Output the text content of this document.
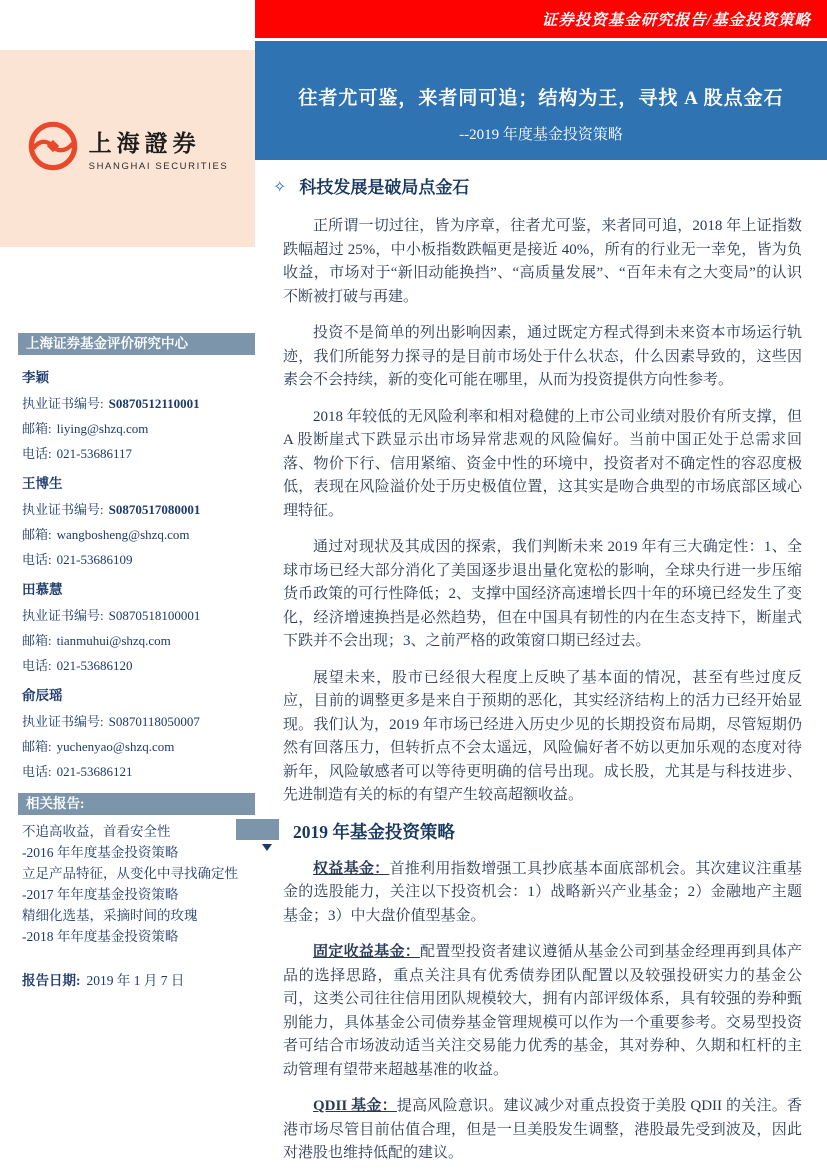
证券投资基金研究报告/基金投资策略
往者尤可鉴，来者同可追；结构为王，寻找 A 股点金石
--2019 年度基金投资策略
上海證券
SHANGHAI SECURITIES
上海证券基金评价研究中心
李颖
执业证书编号: S0870512110001
邮箱: liying@shzq.com
电话: 021-53686117
王博生
执业证书编号: S0870517080001
邮箱: wangbosheng@shzq.com
电话: 021-53686109
田慕慧
执业证书编号: S0870518100001
邮箱: tianmuhui@shzq.com
电话: 021-53686120
俞辰瑶
执业证书编号: S0870118050007
邮箱: yuchenyao@shzq.com
电话: 021-53686121
相关报告:
不追高收益，首看安全性
-2016 年年度基金投资策略
立足产品特征，从变化中寻找确定性
-2017 年年度基金投资策略
精细化选基，采摘时间的玫瑰
-2018 年年度基金投资策略
报告日期: 2019 年 1 月 7 日
✧ 科技发展是破局点金石

正所谓一切过往，皆为序章，往者尤可鉴，来者同可追，2018 年上证指数跌幅超过 25%，中小板指数跌幅更是接近 40%，所有的行业无一幸免，皆为负收益，市场对于“新旧动能换挡”、“高质量发展”、“百年未有之大变局”的认识不断被打破与再建。

投资不是简单的列出影响因素，通过既定方程式得到未来资本市场运行轨迹，我们所能努力探寻的是目前市场处于什么状态，什么因素导致的，这些因素会不会持续，新的变化可能在哪里，从而为投资提供方向性参考。

2018 年较低的无风险利率和相对稳健的上市公司业绩对股价有所支撑，但 A 股断崖式下跌显示出市场异常悲观的风险偏好。当前中国正处于总需求回落、物价下行、信用紧缩、资金中性的环境中，投资者对不确定性的容忍度极低，表现在风险溢价处于历史极值位置，这其实是吻合典型的市场底部区域心理特征。

通过对现状及其成因的探索，我们判断未来 2019 年有三大确定性：1、全球市场已经大部分消化了美国逐步退出量化宽松的影响，全球央行进一步压缩货币政策的可行性降低；2、支撑中国经济高速增长四十年的环境已经发生了变化，经济增速换挡是必然趋势，但在中国具有韧性的内在生态支持下，断崖式下跌并不会出现；3、之前严格的政策窗口期已经过去。

展望未来，股市已经很大程度上反映了基本面的情况，甚至有些过度反应，目前的调整更多是来自于预期的恶化，其实经济结构上的活力已经开始显现。我们认为，2019 年市场已经进入历史少见的长期投资布局期，尽管短期仍然有回落压力，但转折点不会太遥远，风险偏好者不妨以更加乐观的态度对待新年，风险敏感者可以等待更明确的信号出现。成长股，尤其是与科技进步、先进制造有关的标的有望产生较高超额收益。

2019 年基金投资策略

权益基金：首推利用指数增强工具抄底基本面底部机会。其次建议注重基金的选股能力，关注以下投资机会：1）战略新兴产业基金；2）金融地产主题基金；3）中大盘价值型基金。

固定收益基金：配置型投资者建议遵循从基金公司到基金经理再到具体产品的选择思路，重点关注具有优秀债券团队配置以及较强投研实力的基金公司，这类公司往往信用团队规模较大，拥有内部评级体系，具有较强的券种甄别能力，具体基金公司债券基金管理规模可以作为一个重要参考。交易型投资者可结合市场波动适当关注交易能力优秀的基金，其对券种、久期和杠杆的主动管理有望带来超越基准的收益。

QDII 基金：提高风险意识。建议减少对重点投资于美股 QDII 的关注。香港市场尽管目前估值合理，但是一旦美股发生调整，港股最先受到波及，因此对港股也维持低配的建议。
